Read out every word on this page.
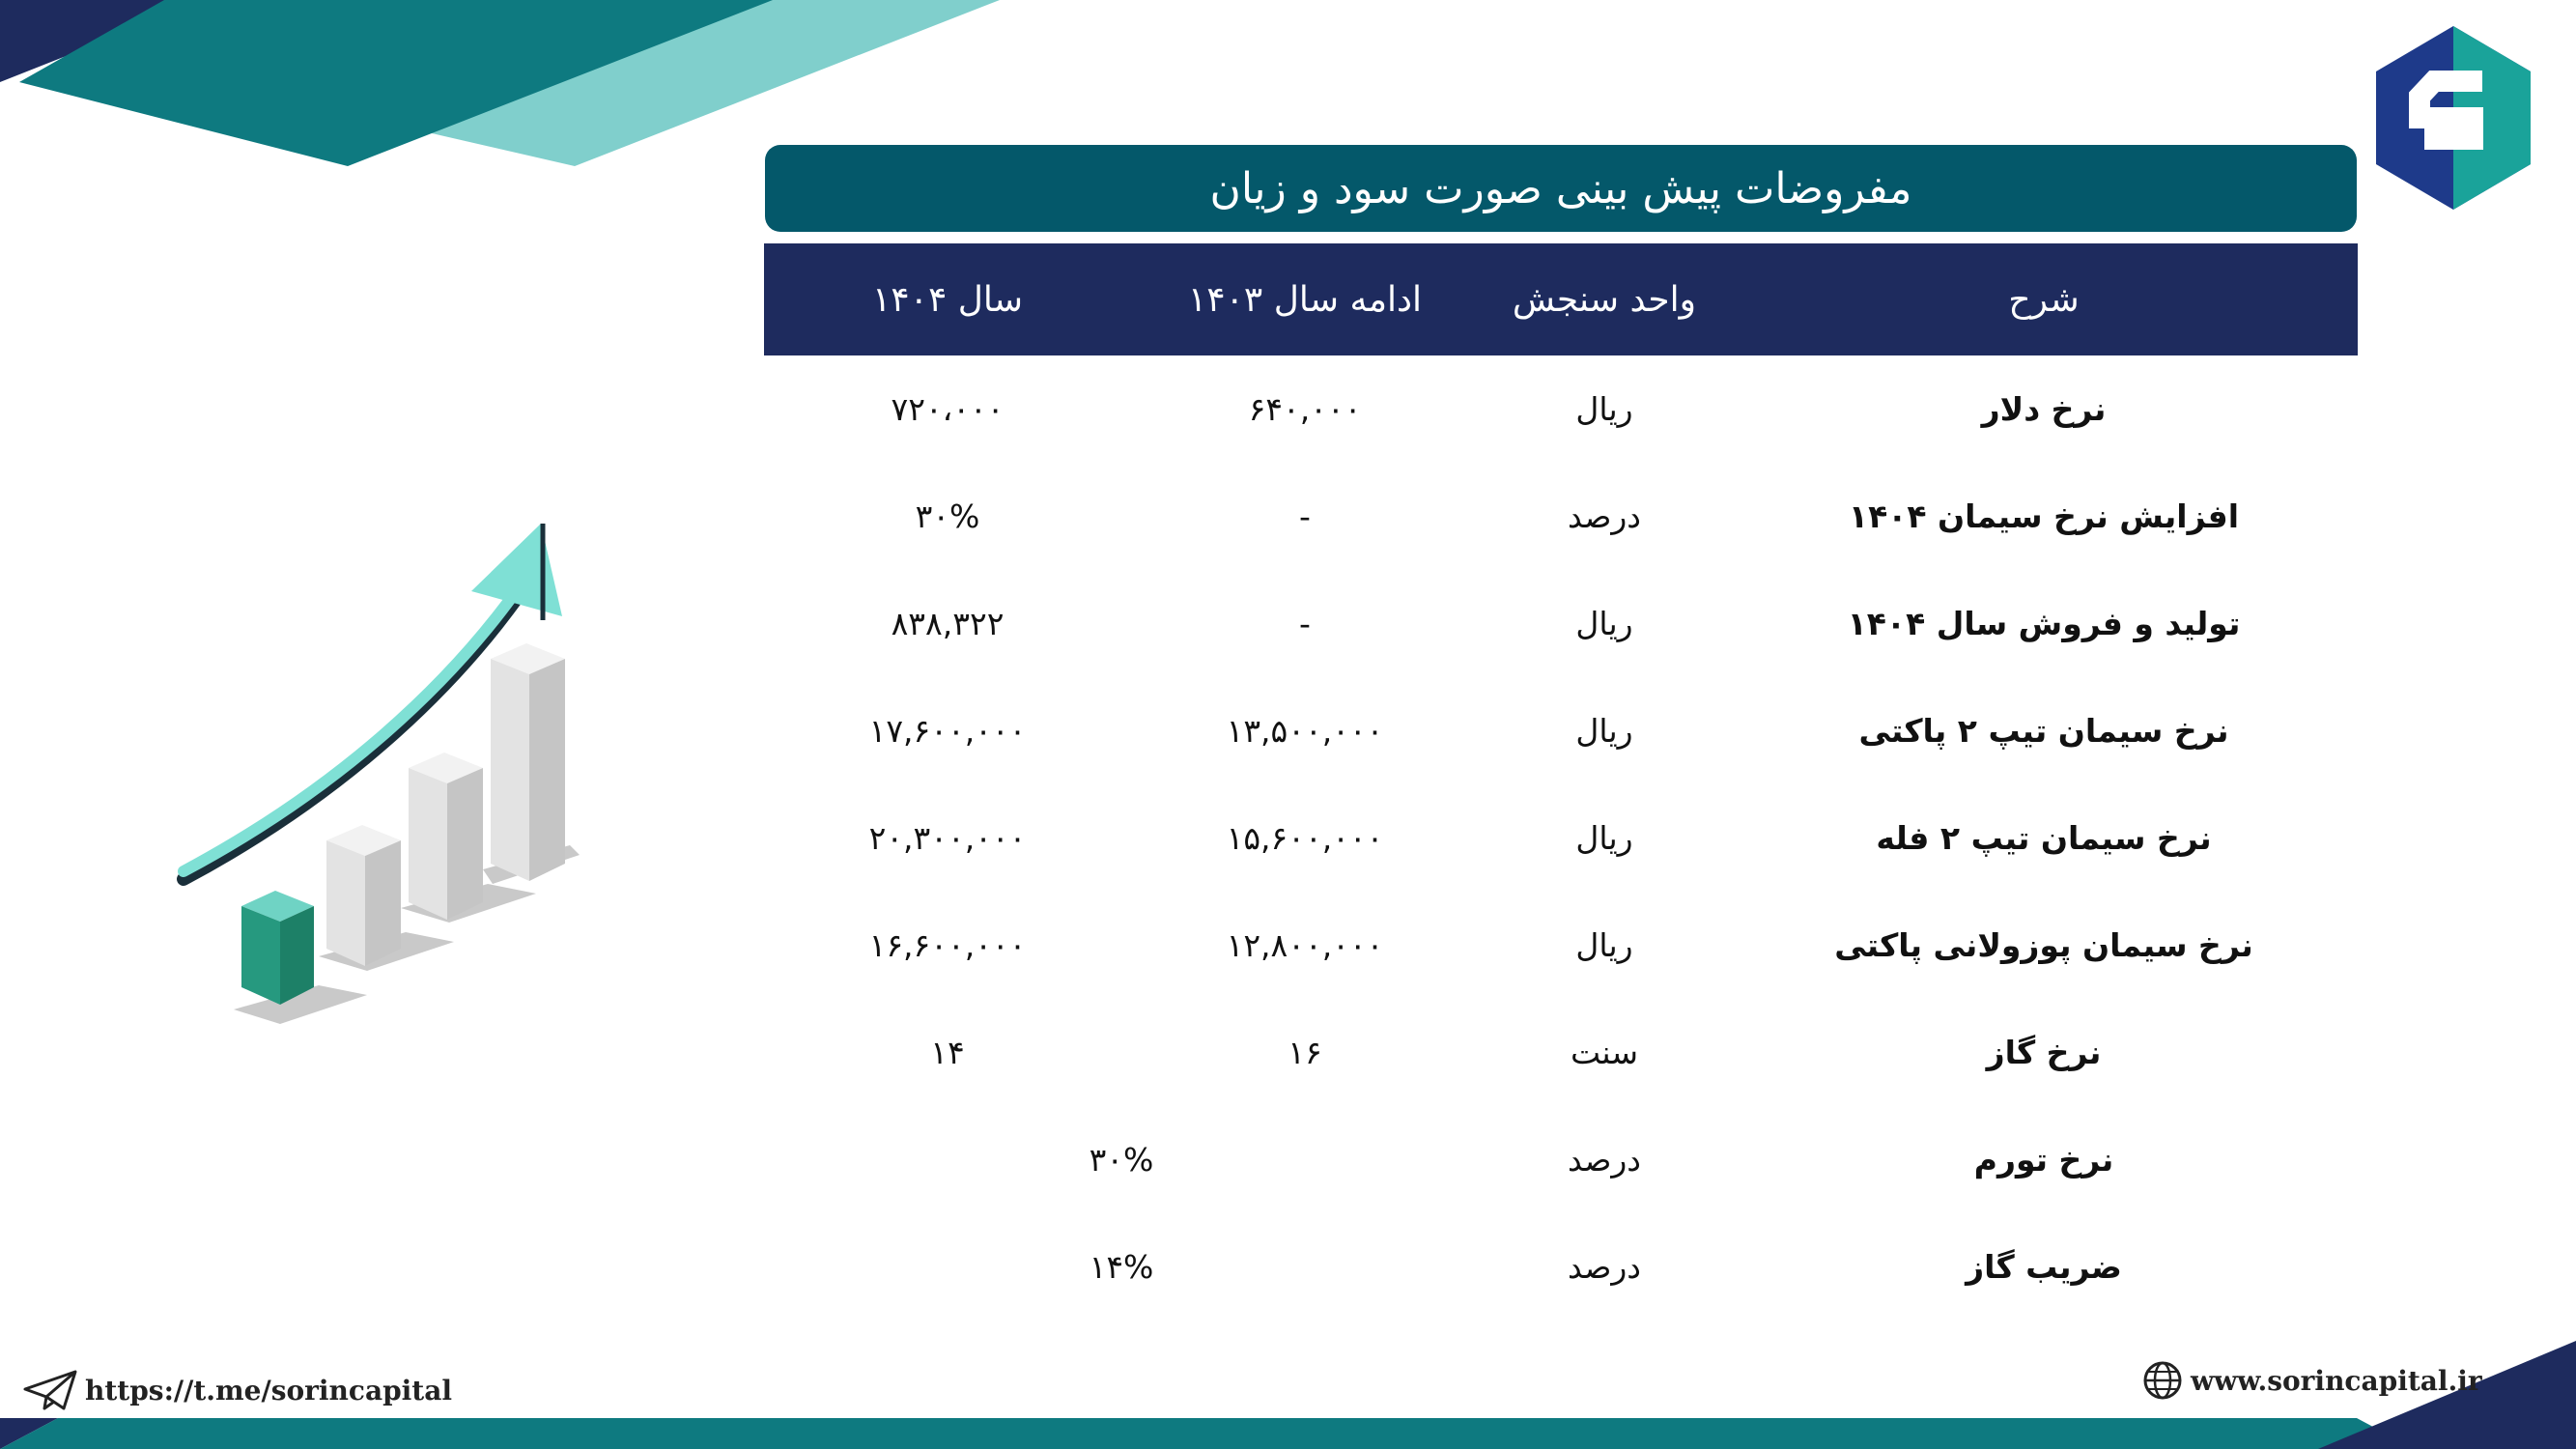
مفروضات پیش بینی صورت سود و زیان
شرح
واحد سنجش
ادامه سال ۱۴۰۳
سال ۱۴۰۴
نرخ دلار
ریال
۶۴۰,۰۰۰
۷۲۰،۰۰۰
افزایش نرخ سیمان ۱۴۰۴
درصد
-
۳۰%
تولید و فروش سال ۱۴۰۴
ریال
-
۸۳۸,۳۲۲
نرخ سیمان تیپ ۲ پاکتی
ریال
۱۳,۵۰۰,۰۰۰
۱۷,۶۰۰,۰۰۰
نرخ سیمان تیپ ۲ فله
ریال
۱۵,۶۰۰,۰۰۰
۲۰,۳۰۰,۰۰۰
نرخ سیمان پوزولانی پاکتی
ریال
۱۲,۸۰۰,۰۰۰
۱۶,۶۰۰,۰۰۰
نرخ گاز
سنت
۱۶
۱۴
نرخ تورم
درصد
۳۰%
ضریب گاز
درصد
۱۴%
https://t.me/sorincapital	www.sorincapital.ir
